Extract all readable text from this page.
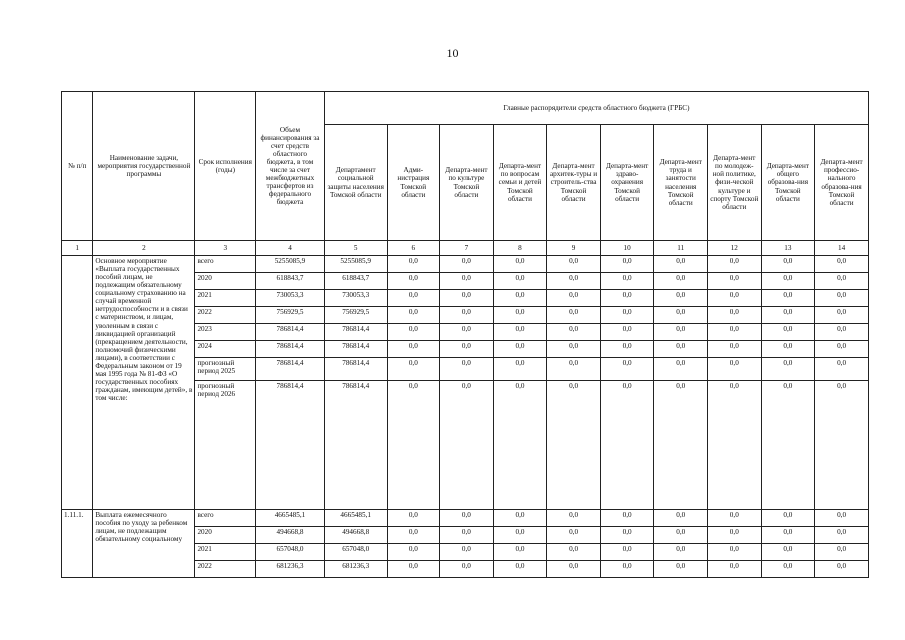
10
№ п/п	Наименование задачи, мероприятия государственной программы	Срок исполнения (годы)	Объем финансирования за счет средств областного бюджета, в том числе за счет межбюджетных трансфертов из федерального бюджета	Главные распорядители средств областного бюджета (ГРБС)									
				Департамент социальной защиты населения Томской области	Адми-нистрация Томской области	Департа-мент по культуре Томской области	Департа-мент по вопросам семьи и детей Томской области	Департа-мент архитек-туры и строитель-ства Томской области	Департа-мент здраво-охранения Томской области	Департа-мент труда и занятости населения Томской области	Департа-мент по молодеж-ной политике, физи-ческой культуре и спорту Томской области	Департа-мент общего образова-ния Томской области	Департа-мент профессио-нального образова-ния Томской области
1	2	3	4	5	6	7	8	9	10	11	12	13	14
	Основное мероприятие «Выплата государственных пособий лицам, не подлежащим обязательному социальному страхованию на случай временной нетрудоспособности и в связи с материнством, и лицам, уволенным в связи с ликвидацией организаций (прекращением деятельности, полномочий физическими лицами), в соответствии с Федеральным законом от 19 мая 1995 года № 81-ФЗ «О государственных пособиях гражданам, имеющим детей», в том числе:	всего	5255085,9	5255085,9	0,0	0,0	0,0	0,0	0,0	0,0	0,0	0,0	0,0
		2020	618843,7	618843,7	0,0	0,0	0,0	0,0	0,0	0,0	0,0	0,0	0,0
		2021	730053,3	730053,3	0,0	0,0	0,0	0,0	0,0	0,0	0,0	0,0	0,0
		2022	756929,5	756929,5	0,0	0,0	0,0	0,0	0,0	0,0	0,0	0,0	0,0
		2023	786814,4	786814,4	0,0	0,0	0,0	0,0	0,0	0,0	0,0	0,0	0,0
		2024	786814,4	786814,4	0,0	0,0	0,0	0,0	0,0	0,0	0,0	0,0	0,0
		прогнозный период 2025	786814,4	786814,4	0,0	0,0	0,0	0,0	0,0	0,0	0,0	0,0	0,0
		прогнозный период 2026	786814,4	786814,4	0,0	0,0	0,0	0,0	0,0	0,0	0,0	0,0	0,0
1.11.1.	Выплата ежемесячного пособия по уходу за ребенком лицам, не подлежащим обязательному социальному	всего	4665485,1	4665485,1	0,0	0,0	0,0	0,0	0,0	0,0	0,0	0,0	0,0
		2020	494668,8	494668,8	0,0	0,0	0,0	0,0	0,0	0,0	0,0	0,0	0,0
		2021	657048,0	657048,0	0,0	0,0	0,0	0,0	0,0	0,0	0,0	0,0	0,0
		2022	681236,3	681236,3	0,0	0,0	0,0	0,0	0,0	0,0	0,0	0,0	0,0
